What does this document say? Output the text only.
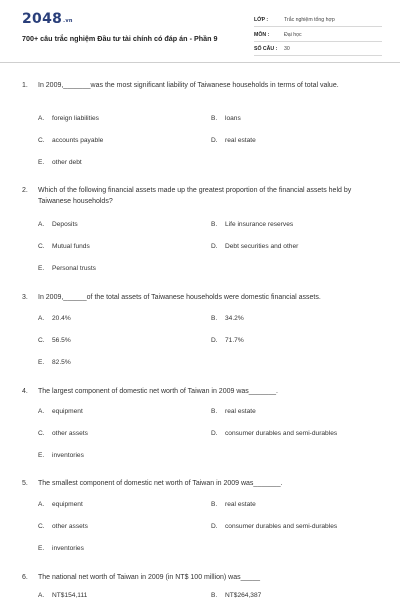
2048.vn
700+ câu trắc nghiệm Đầu tư tài chính có đáp án - Phần 9
LỚP :	Trắc nghiệm tổng hợp
MÔN :	Đại học
SỐ CÂU : 30
1. In 2009,_______was the most significant liability of Taiwanese households in terms of total value.
A. foreign liabilities	B. loans
C. accounts payable	D. real estate
E. other debt
2. Which of the following financial assets made up the greatest proportion of the financial assets held by Taiwanese households?
A. Deposits	B. Life insurance reserves
C. Mutual funds	D. Debt securities and other
E. Personal trusts
3. In 2009,______of the total assets of Taiwanese households were domestic financial assets.
A. 20.4%	B. 34.2%
C. 56.5%	D. 71.7%
E. 82.5%
4. The largest component of domestic net worth of Taiwan in 2009 was_______.
A. equipment	B. real estate
C. other assets	D. consumer durables and semi-durables
E. inventories
5. The smallest component of domestic net worth of Taiwan in 2009 was_______.
A. equipment	B. real estate
C. other assets	D. consumer durables and semi-durables
E. inventories
6. The national net worth of Taiwan in 2009 (in NT$ 100 million) was_____
A. NT$154,111	B. NT$264,387
